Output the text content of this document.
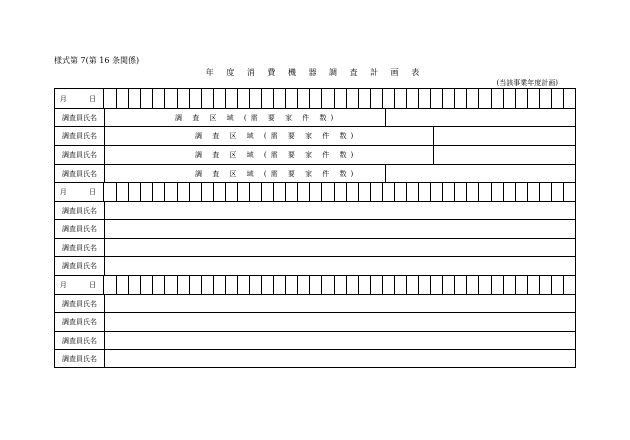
様式第 7(第 16 条関係)
年 度 消 費 機 器 調 査 計 画 表
(当該事業年度計画)
月 日
調査員氏名	調 査 区 域 (需 要 家 件 数)
調査員氏名	調 査 区 域 (需 要 家 件 数)
調査員氏名	調 査 区 域 (需 要 家 件 数)
調査員氏名	調 査 区 域 (需 要 家 件 数)
月 日
調査員氏名
調査員氏名
調査員氏名
調査員氏名
月 日
調査員氏名
調査員氏名
調査員氏名
調査員氏名
